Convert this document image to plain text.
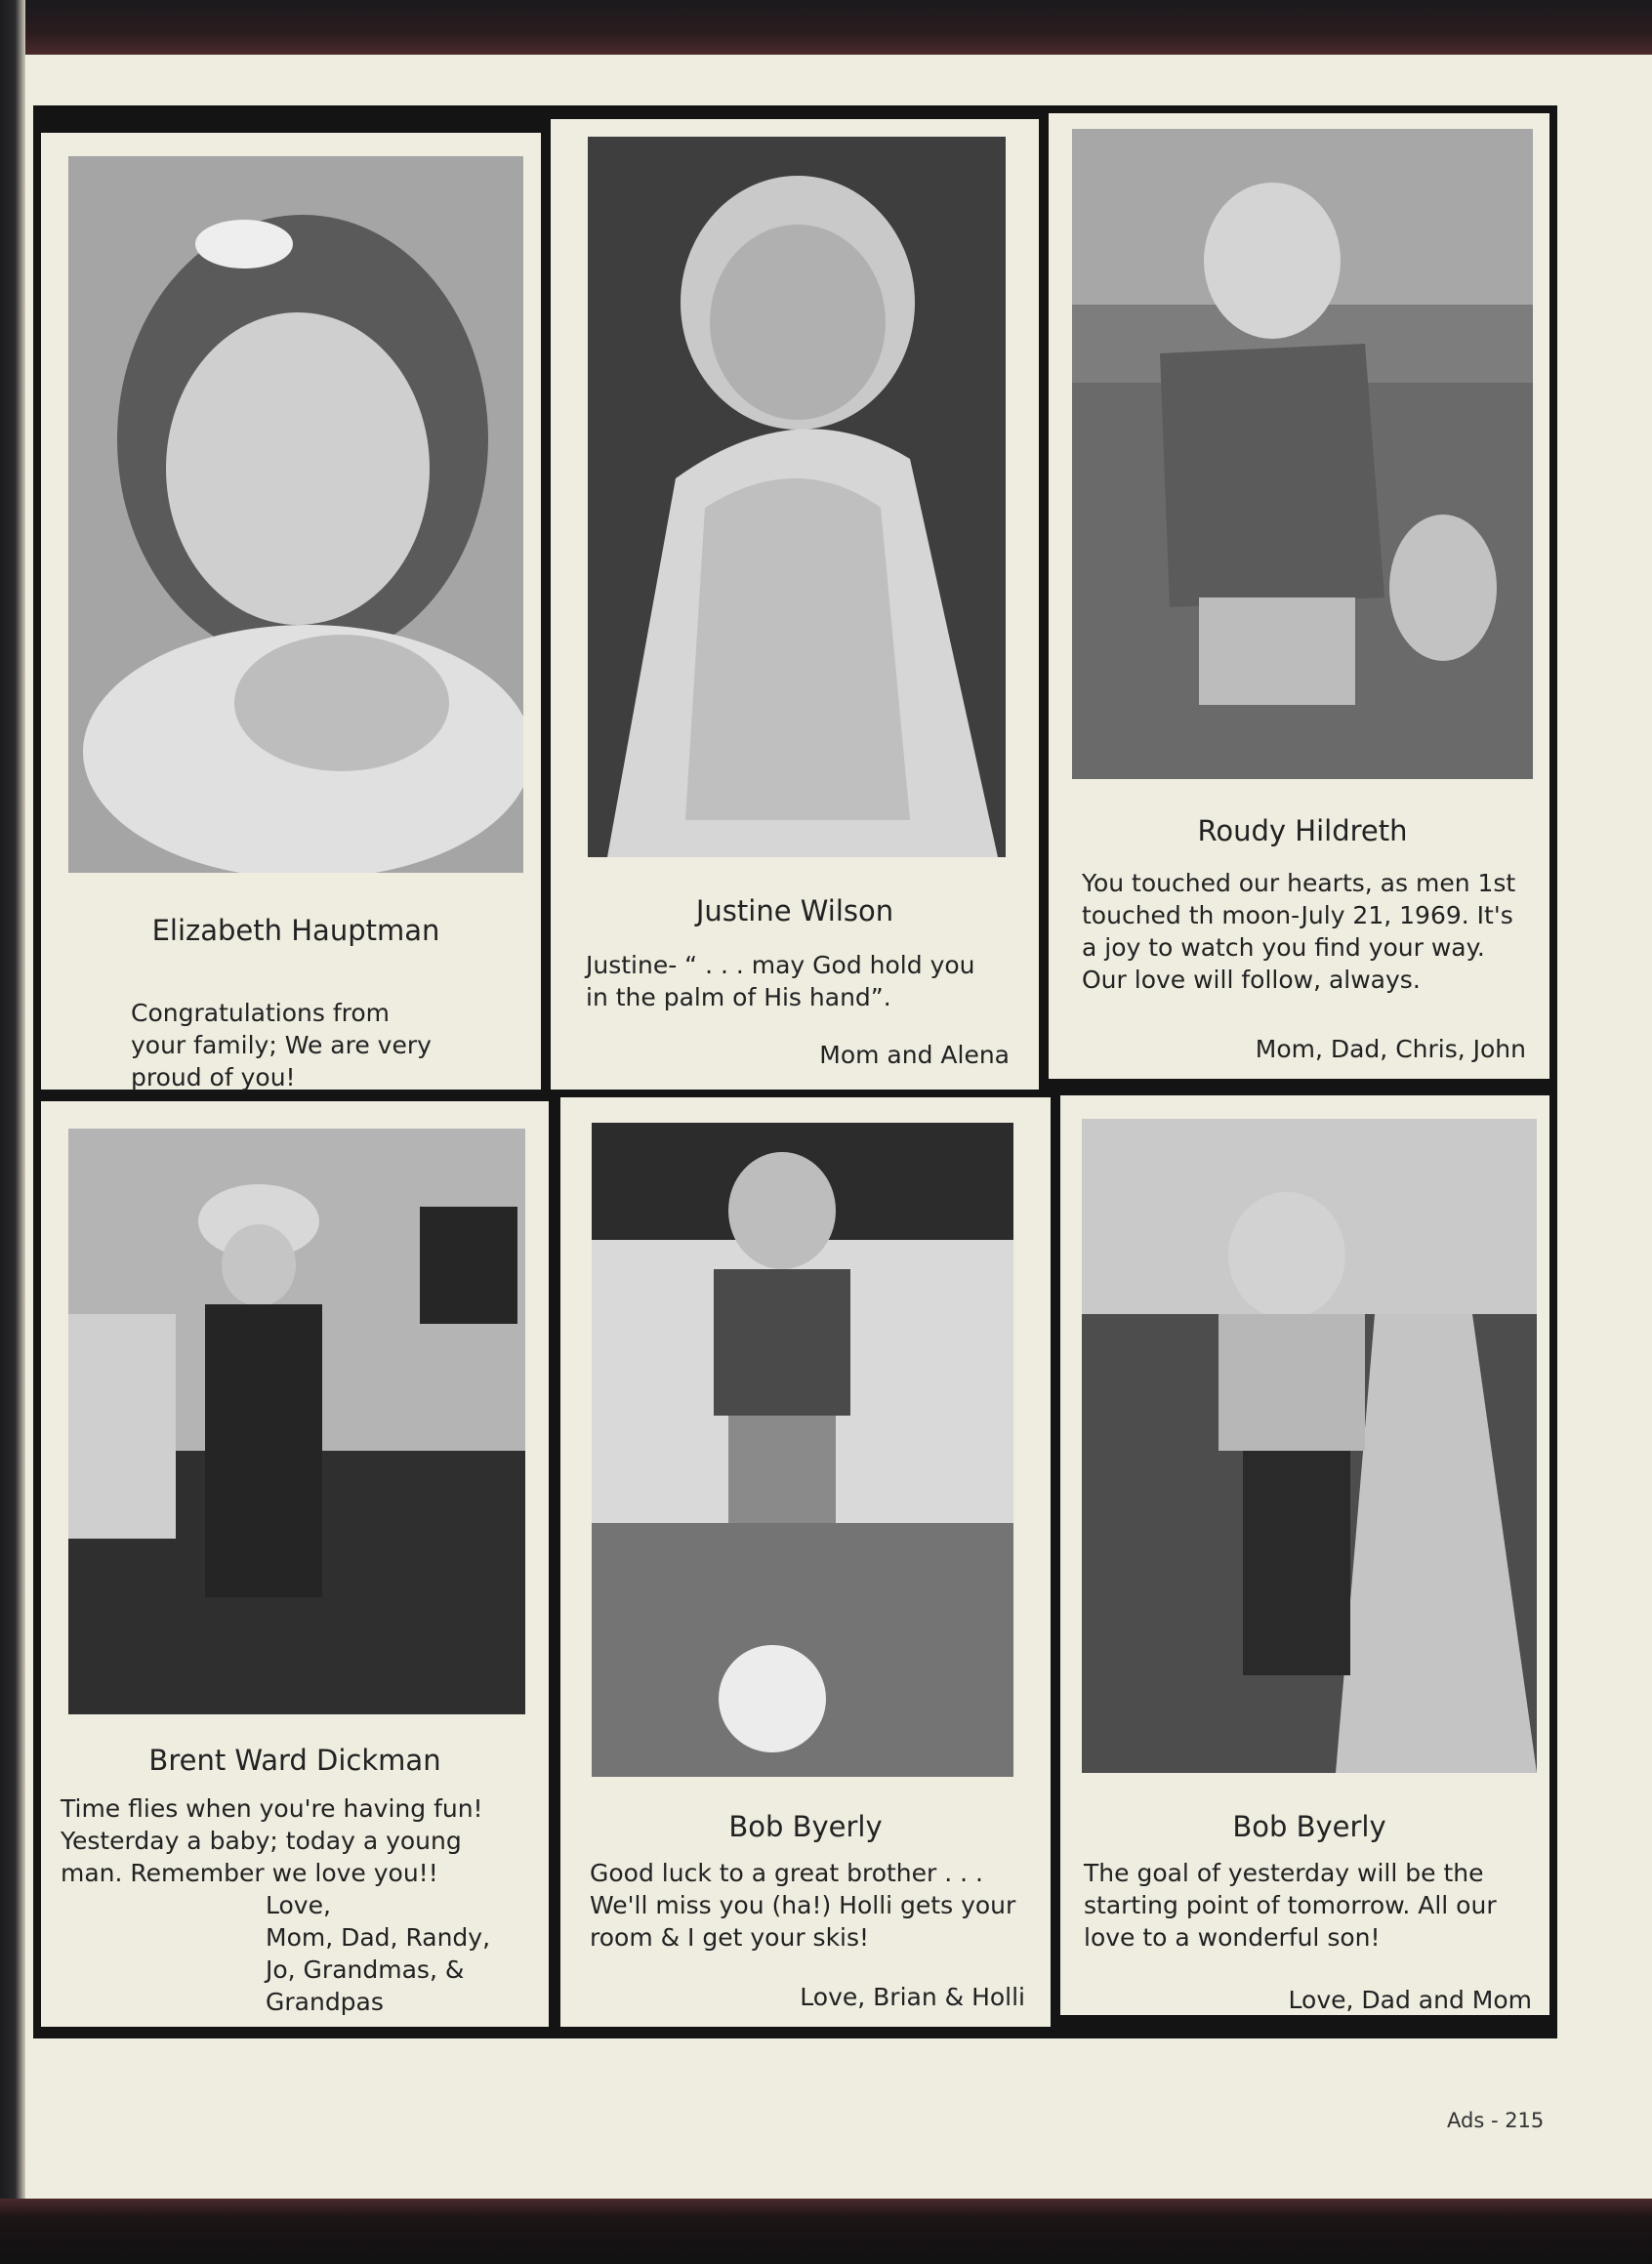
Elizabeth Hauptman

Congratulations from

your family; We are very

proud of you!

Justine Wilson

Justine- “ . . . may God hold you

in the palm of His hand”.

Mom and Alena
Roudy Hildreth

You touched our hearts, as men 1st

touched th moon-July 21, 1969. It's

a joy to watch you find your way.

Our love will follow, always.

Mom, Dad, Chris, John
Brent Ward Dickman

Time flies when you're having fun!

Yesterday a baby; today a young

man. Remember we love you!!

Love,

Mom, Dad, Randy,

Jo, Grandmas, &

Grandpas

Bob Byerly

Good luck to a great brother . . .

We'll miss you (ha!) Holli gets your

room & I get your skis!

Love, Brian & Holli
Bob Byerly

The goal of yesterday will be the

starting point of tomorrow. All our

love to a wonderful son!

Love, Dad and Mom
Ads - 215
